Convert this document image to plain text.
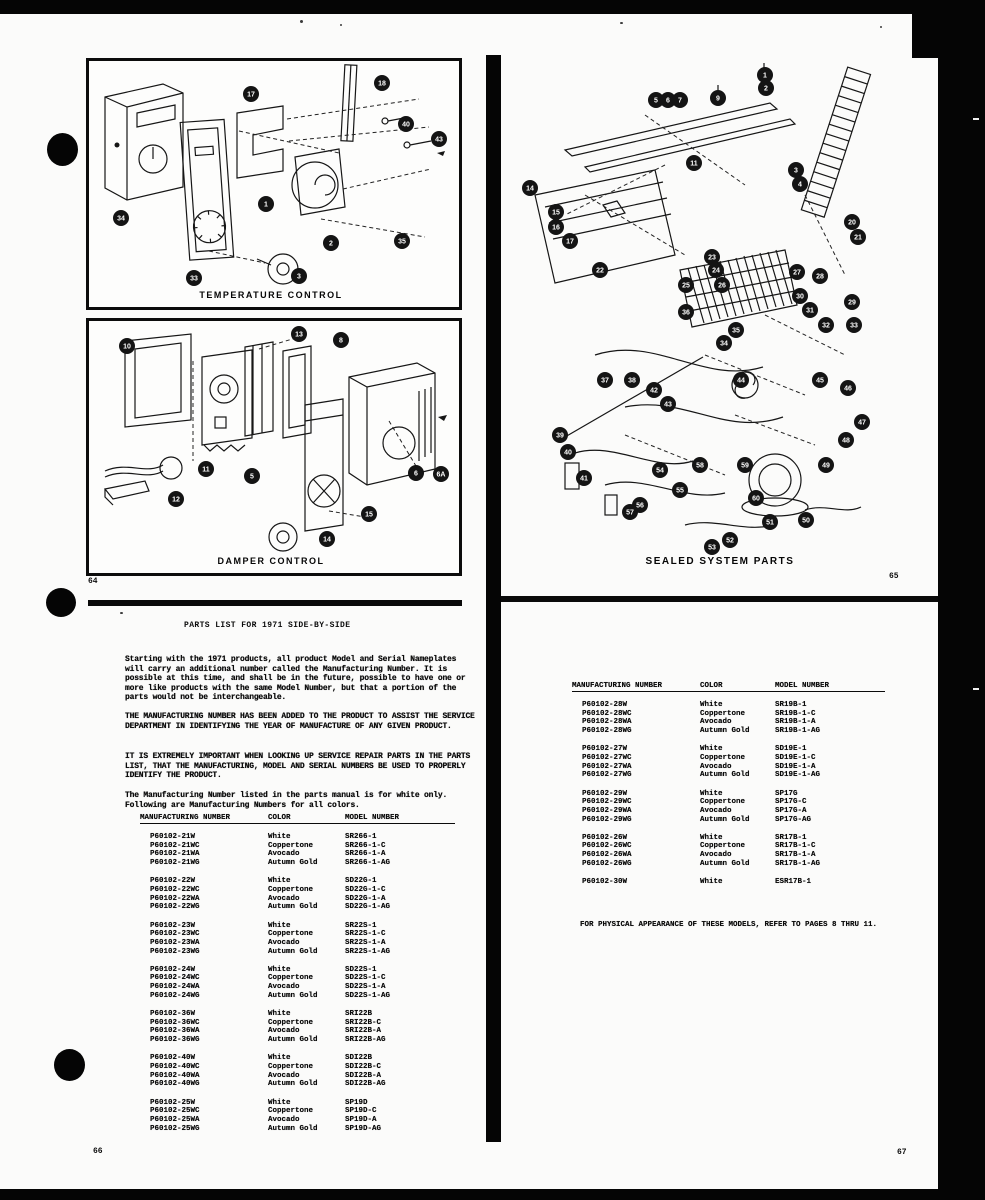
17
18
40
43
34
1
2	35
33	3
TEMPERATURE CONTROL
10
13
8
11
12
5
15
6	6A
14
DAMPER CONTROL
5 6 7	9
1
2
11
3
4
14
15
16
17
20
21
22
23
24
25	26
27
28
29
30
31
32	33
34
35
36
37	38
39
40
41
42
43
44	45
46
47
48
49
50
51
52
53
54
55
56
57
58	59
60
SEALED SYSTEM PARTS
64
65
66	67
PARTS LIST FOR 1971 SIDE-BY-SIDE
Starting with the 1971 products, all product Model and Serial Nameplates will carry an additional number called the Manufacturing Number. It is possible at this time, and shall be in the future, possible to have one or more like products with the same Model Number, but that a portion of the parts would not be interchangeable.
THE MANUFACTURING NUMBER HAS BEEN ADDED TO THE PRODUCT TO ASSIST THE SERVICE DEPARTMENT IN IDENTIFYING THE YEAR OF MANUFACTURE OF ANY GIVEN PRODUCT.
IT IS EXTREMELY IMPORTANT WHEN LOOKING UP SERVICE REPAIR PARTS IN THE PARTS LIST, THAT THE MANUFACTURING, MODEL AND SERIAL NUMBERS BE USED TO PROPERLY IDENTIFY THE PRODUCT.
The Manufacturing Number listed in the parts manual is for white only. Following are Manufacturing Numbers for all colors.
MANUFACTURING NUMBER	COLOR	MODEL NUMBER
P60102-21W	White	SR266-1
P60102-21WC	Coppertone	SR266-1-C
P60102-21WA	Avocado	SR266-1-A
P60102-21WG	Autumn Gold	SR266-1-AG
P60102-22W	White	SD22G-1
P60102-22WC	Coppertone	SD22G-1-C
P60102-22WA	Avocado	SD22G-1-A
P60102-22WG	Autumn Gold	SD22G-1-AG
P60102-23W	White	SR22S-1
P60102-23WC	Coppertone	SR22S-1-C
P60102-23WA	Avocado	SR22S-1-A
P60102-23WG	Autumn Gold	SR22S-1-AG
P60102-24W	White	SD22S-1
P60102-24WC	Coppertone	SD22S-1-C
P60102-24WA	Avocado	SD22S-1-A
P60102-24WG	Autumn Gold	SD22S-1-AG
P60102-36W	White	SRI22B
P60102-36WC	Coppertone	SRI22B-C
P60102-36WA	Avocado	SRI22B-A
P60102-36WG	Autumn Gold	SRI22B-AG
P60102-40W	White	SDI22B
P60102-40WC	Coppertone	SDI22B-C
P60102-40WA	Avocado	SDI22B-A
P60102-40WG	Autumn Gold	SDI22B-AG
P60102-25W	White	SP19D
P60102-25WC	Coppertone	SP19D-C
P60102-25WA	Avocado	SP19D-A
P60102-25WG	Autumn Gold	SP19D-AG
MANUFACTURING NUMBER	COLOR	MODEL NUMBER
P60102-28W	White	SR19B-1
P60102-28WC	Coppertone	SR19B-1-C
P60102-28WA	Avocado	SR19B-1-A
P60102-28WG	Autumn Gold	SR19B-1-AG
P60102-27W	White	SD19E-1
P60102-27WC	Coppertone	SD19E-1-C
P60102-27WA	Avocado	SD19E-1-A
P60102-27WG	Autumn Gold	SD19E-1-AG
P60102-29W	White	SP17G
P60102-29WC	Coppertone	SP17G-C
P60102-29WA	Avocado	SP17G-A
P60102-29WG	Autumn Gold	SP17G-AG
P60102-26W	White	SR17B-1
P60102-26WC	Coppertone	SR17B-1-C
P60102-26WA	Avocado	SR17B-1-A
P60102-26WG	Autumn Gold	SR17B-1-AG
P60102-30W	White	ESR17B-1
FOR PHYSICAL APPEARANCE OF THESE MODELS, REFER TO PAGES 8 THRU 11.
